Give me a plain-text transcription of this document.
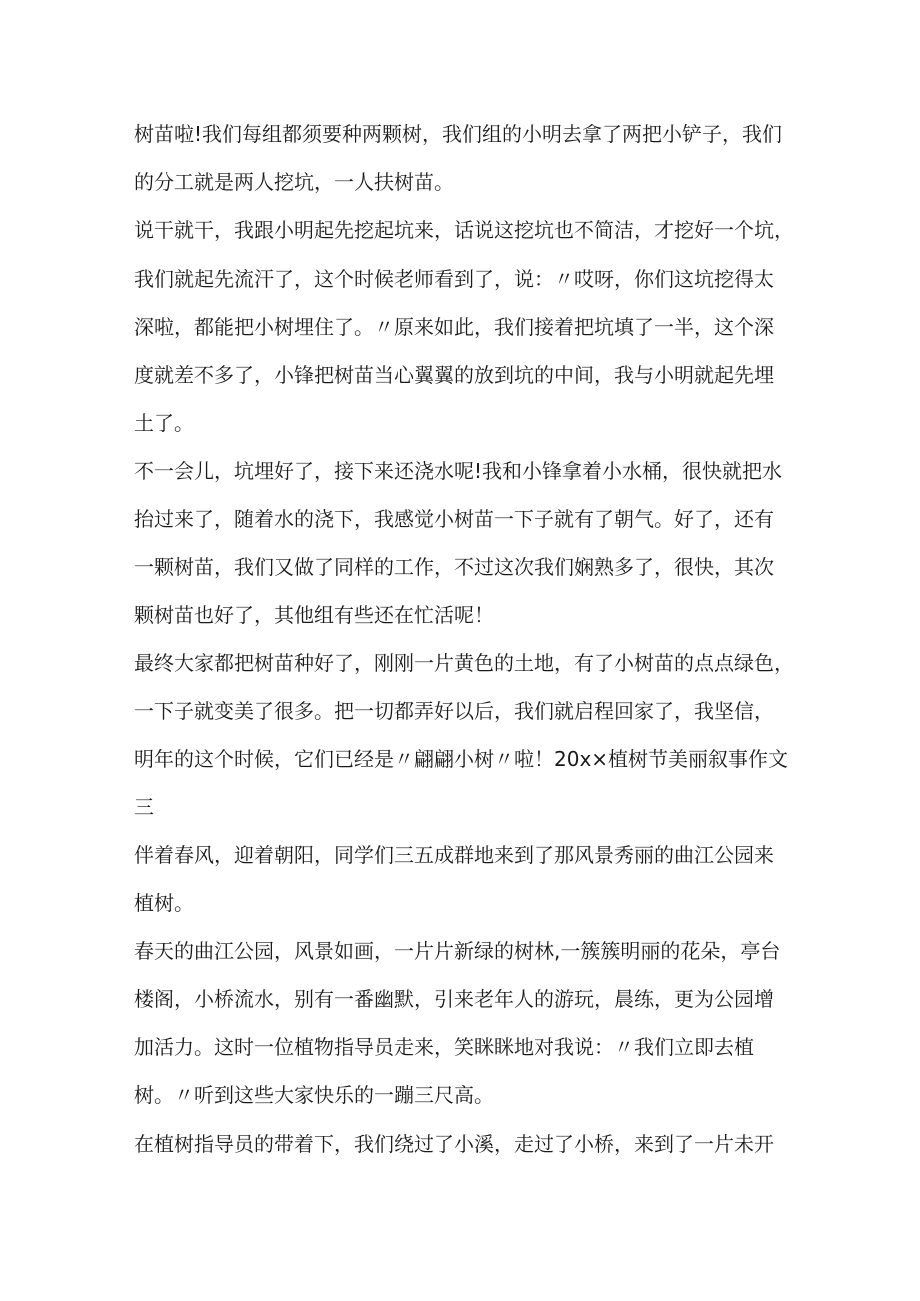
树苗啦!我们每组都须要种两颗树，我们组的小明去拿了两把小铲子，我们
的分工就是两人挖坑，一人扶树苗。
说干就干，我跟小明起先挖起坑来，话说这挖坑也不简洁，才挖好一个坑，
我们就起先流汗了，这个时候老师看到了，说：〃哎呀，你们这坑挖得太
深啦，都能把小树埋住了。〃原来如此，我们接着把坑填了一半，这个深
度就差不多了，小锋把树苗当心翼翼的放到坑的中间，我与小明就起先埋
土了。
不一会儿，坑埋好了，接下来还浇水呢!我和小锋拿着小水桶，很快就把水
抬过来了，随着水的浇下，我感觉小树苗一下子就有了朝气。好了，还有
一颗树苗，我们又做了同样的工作，不过这次我们娴熟多了，很快，其次
颗树苗也好了，其他组有些还在忙活呢！
最终大家都把树苗种好了，刚刚一片黄色的土地，有了小树苗的点点绿色，
一下子就变美了很多。把一切都弄好以后，我们就启程回家了，我坚信，
明年的这个时候，它们已经是〃翩翩小树〃啦！20x×植树节美丽叙事作文
三
伴着春风，迎着朝阳，同学们三五成群地来到了那风景秀丽的曲江公园来
植树。
春天的曲江公园，风景如画，一片片新绿的树林,一簇簇明丽的花朵，亭台
楼阁，小桥流水，别有一番幽默，引来老年人的游玩，晨练，更为公园增
加活力。这时一位植物指导员走来，笑眯眯地对我说：〃我们立即去植
树。〃听到这些大家快乐的一蹦三尺高。
在植树指导员的带着下，我们绕过了小溪，走过了小桥，来到了一片未开
